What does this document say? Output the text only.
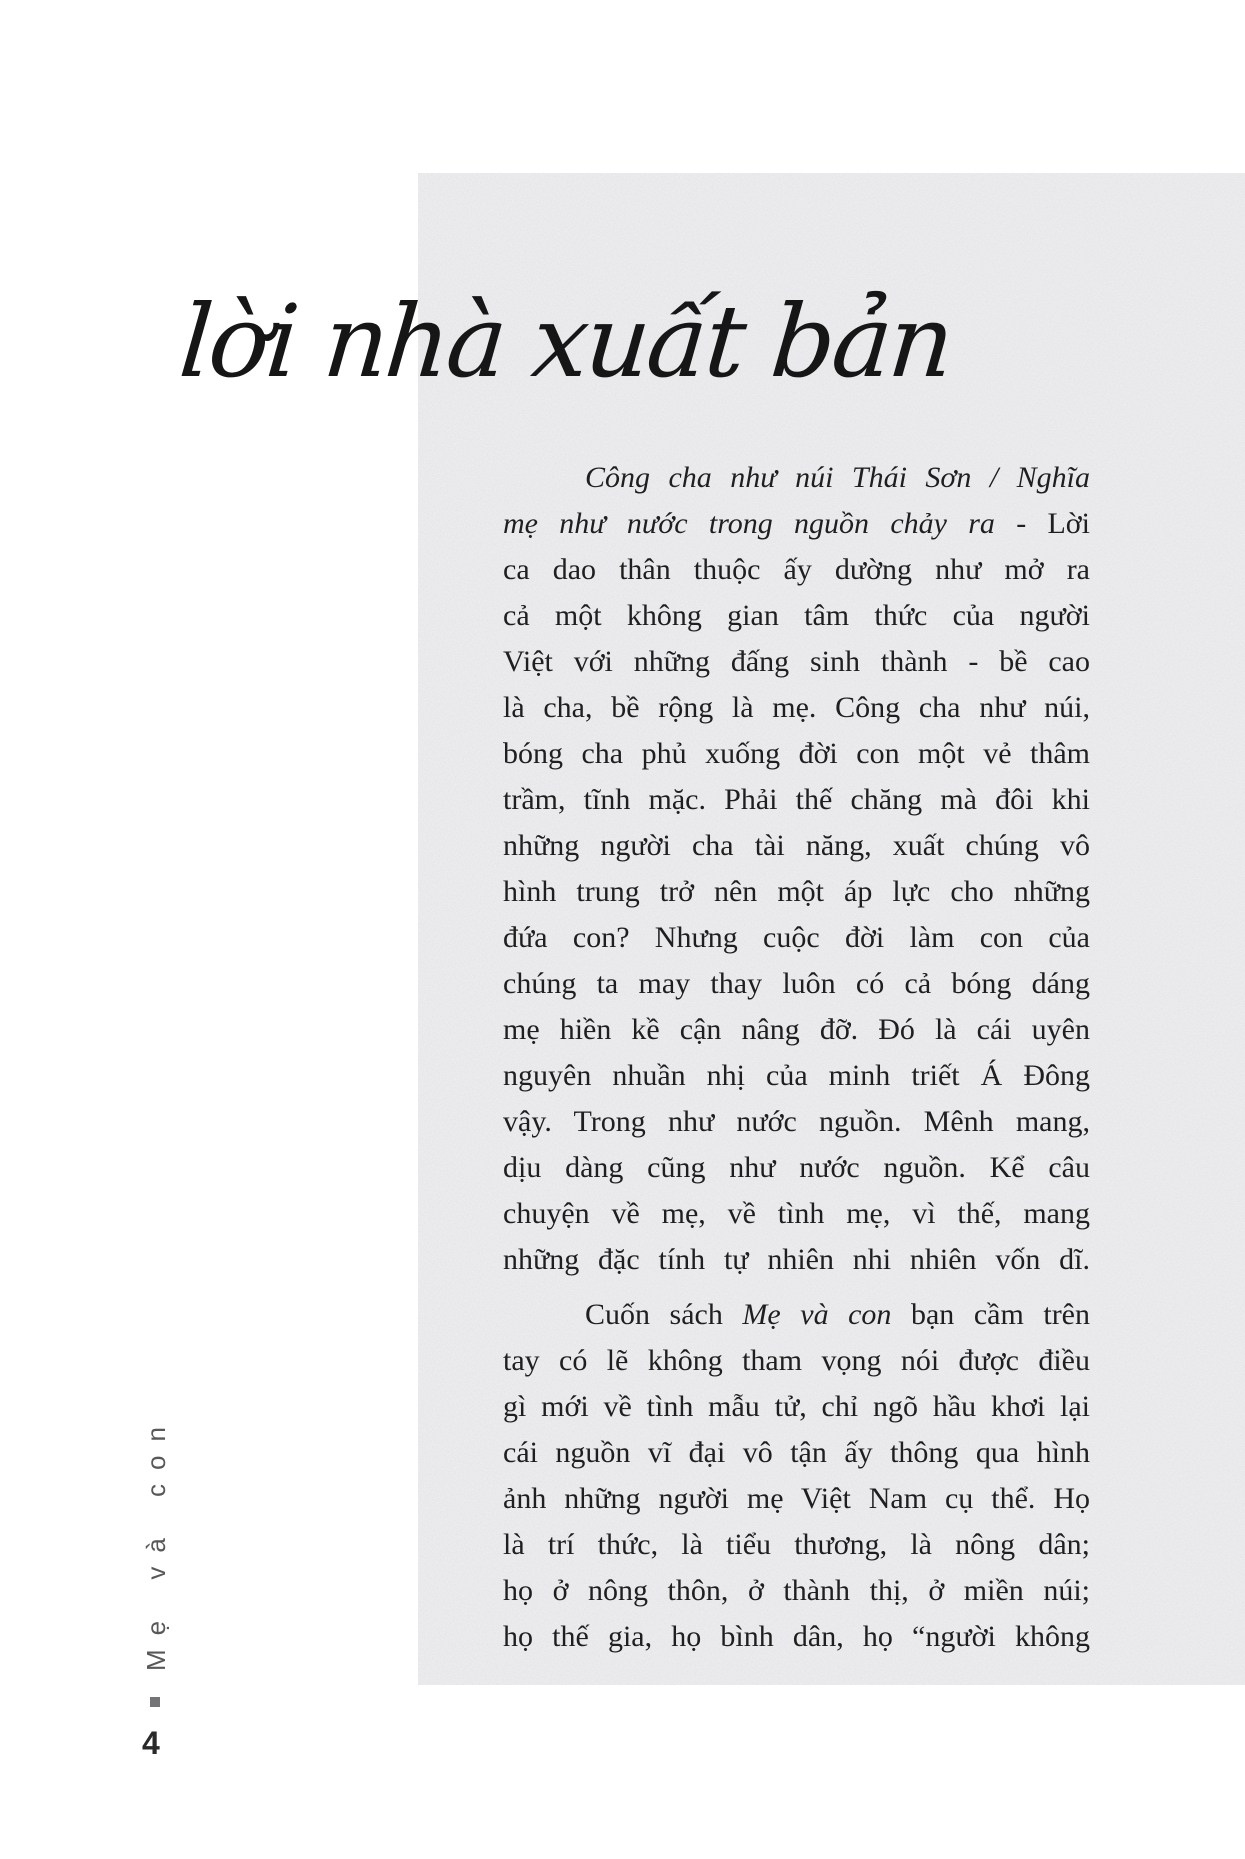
lời nhà xuất bản
Công cha như núi Thái Sơn / Nghĩa
mẹ như nước trong nguồn chảy ra - Lời
ca dao thân thuộc ấy dường như mở ra
cả một không gian tâm thức của người
Việt với những đấng sinh thành - bề cao
là cha, bề rộng là mẹ. Công cha như núi,
bóng cha phủ xuống đời con một vẻ thâm
trầm, tĩnh mặc. Phải thế chăng mà đôi khi
những người cha tài năng, xuất chúng vô
hình trung trở nên một áp lực cho những
đứa con? Nhưng cuộc đời làm con của
chúng ta may thay luôn có cả bóng dáng
mẹ hiền kề cận nâng đỡ. Đó là cái uyên
nguyên nhuần nhị của minh triết Á Đông
vậy. Trong như nước nguồn. Mênh mang,
dịu dàng cũng như nước nguồn. Kể câu
chuyện về mẹ, về tình mẹ, vì thế, mang
những đặc tính tự nhiên nhi nhiên vốn dĩ.
Cuốn sách Mẹ và con bạn cầm trên
tay có lẽ không tham vọng nói được điều
gì mới về tình mẫu tử, chỉ ngõ hầu khơi lại
cái nguồn vĩ đại vô tận ấy thông qua hình
ảnh những người mẹ Việt Nam cụ thể. Họ
là trí thức, là tiểu thương, là nông dân;
họ ở nông thôn, ở thành thị, ở miền núi;
họ thế gia, họ bình dân, họ “người không
Mẹ và con
4
